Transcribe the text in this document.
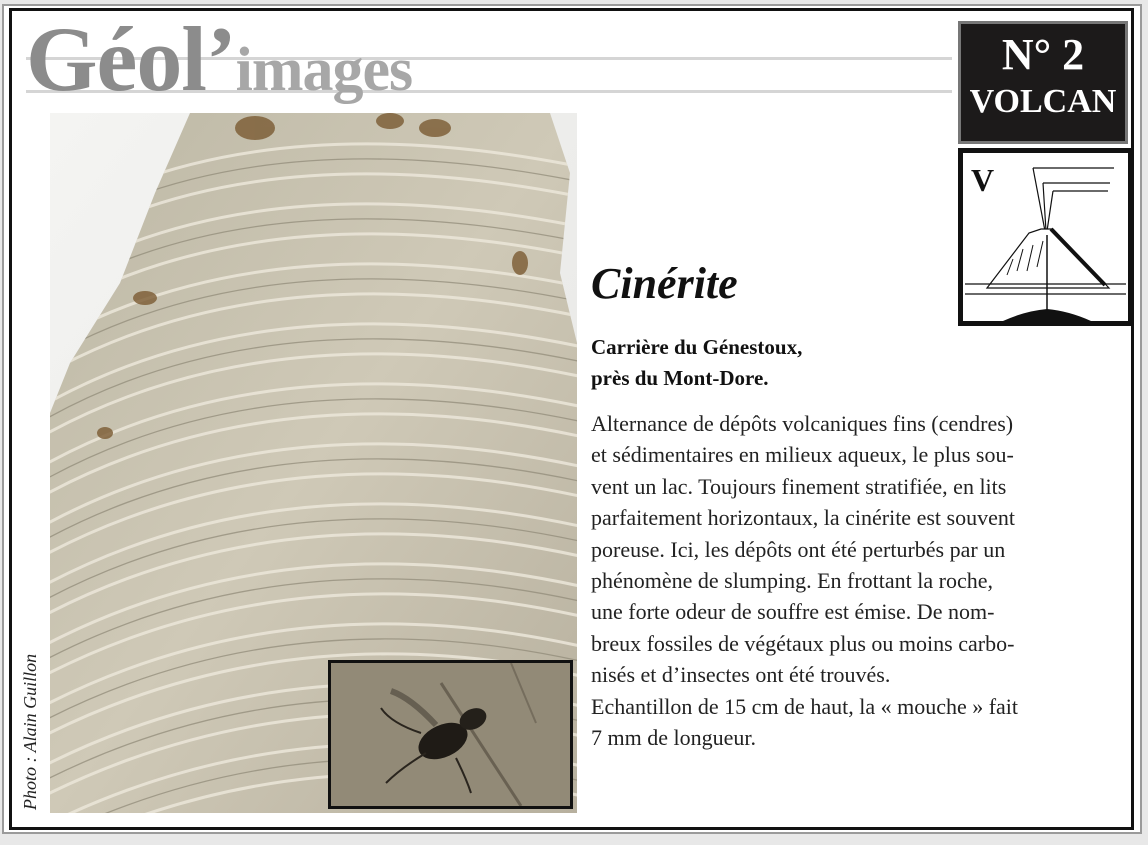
Géol’images	N° 2
VOLCAN
V
Photo : Alain Guillon
Cinérite
Carrière du Génestoux,
près du Mont-Dore.
Alternance de dépôts volcaniques fins (cendres)
et sédimentaires en milieux aqueux, le plus sou-
vent un lac. Toujours finement stratifiée, en lits
parfaitement horizontaux, la cinérite est souvent
poreuse. Ici, les dépôts ont été perturbés par un
phénomène de slumping. En frottant la roche,
une forte odeur de souffre est émise. De nom-
breux fossiles de végétaux plus ou moins carbo-
nisés et d’insectes ont été trouvés.
Echantillon de 15 cm de haut, la « mouche » fait
7 mm de longueur.
